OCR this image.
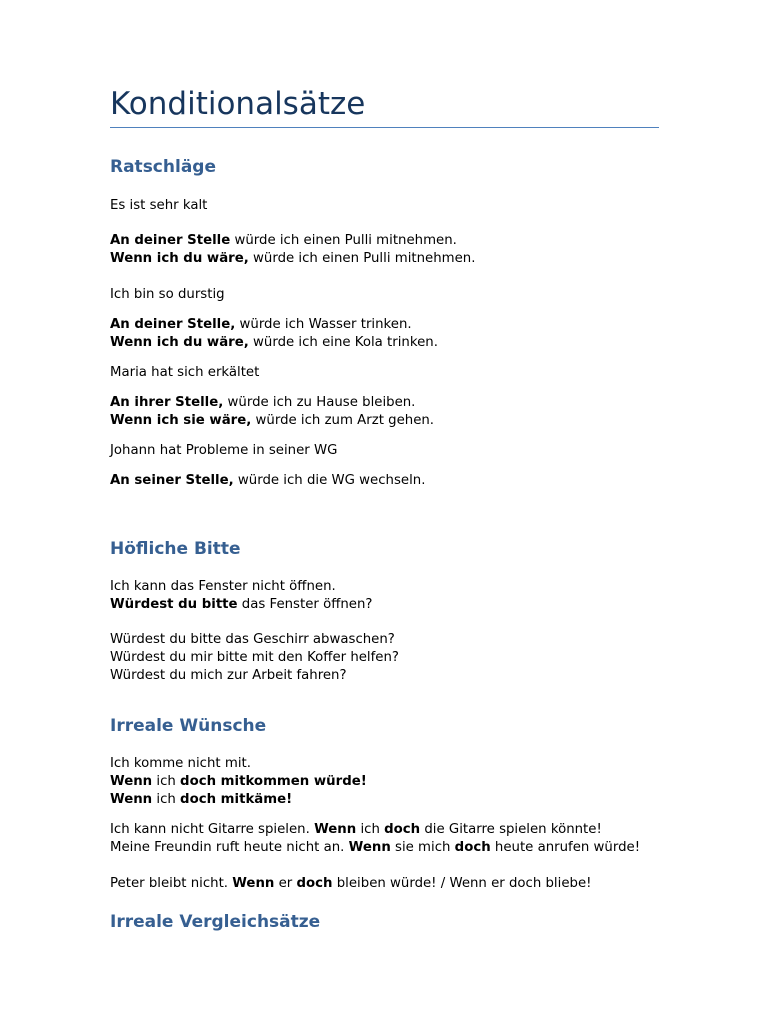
Konditionalsätze
Ratschläge

Es ist sehr kalt

An deiner Stelle würde ich einen Pulli mitnehmen.

Wenn ich du wäre, würde ich einen Pulli mitnehmen.

Ich bin so durstig

An deiner Stelle, würde ich Wasser trinken.

Wenn ich du wäre, würde ich eine Kola trinken.

Maria hat sich erkältet

An ihrer Stelle, würde ich zu Hause bleiben.

Wenn ich sie wäre, würde ich zum Arzt gehen.

Johann hat Probleme in seiner WG

An seiner Stelle, würde ich die WG wechseln.

Höfliche Bitte

Ich kann das Fenster nicht öffnen.

Würdest du bitte das Fenster öffnen?

Würdest du bitte das Geschirr abwaschen?

Würdest du mir bitte mit den Koffer helfen?

Würdest du mich zur Arbeit fahren?

Irreale Wünsche

Ich komme nicht mit.

Wenn ich doch mitkommen würde!

Wenn ich doch mitkäme!

Ich kann nicht Gitarre spielen. Wenn ich doch die Gitarre spielen könnte!

Meine Freundin ruft heute nicht an. Wenn sie mich doch heute anrufen würde!

Peter bleibt nicht. Wenn er doch bleiben würde! / Wenn er doch bliebe!

Irreale Vergleichsätze
